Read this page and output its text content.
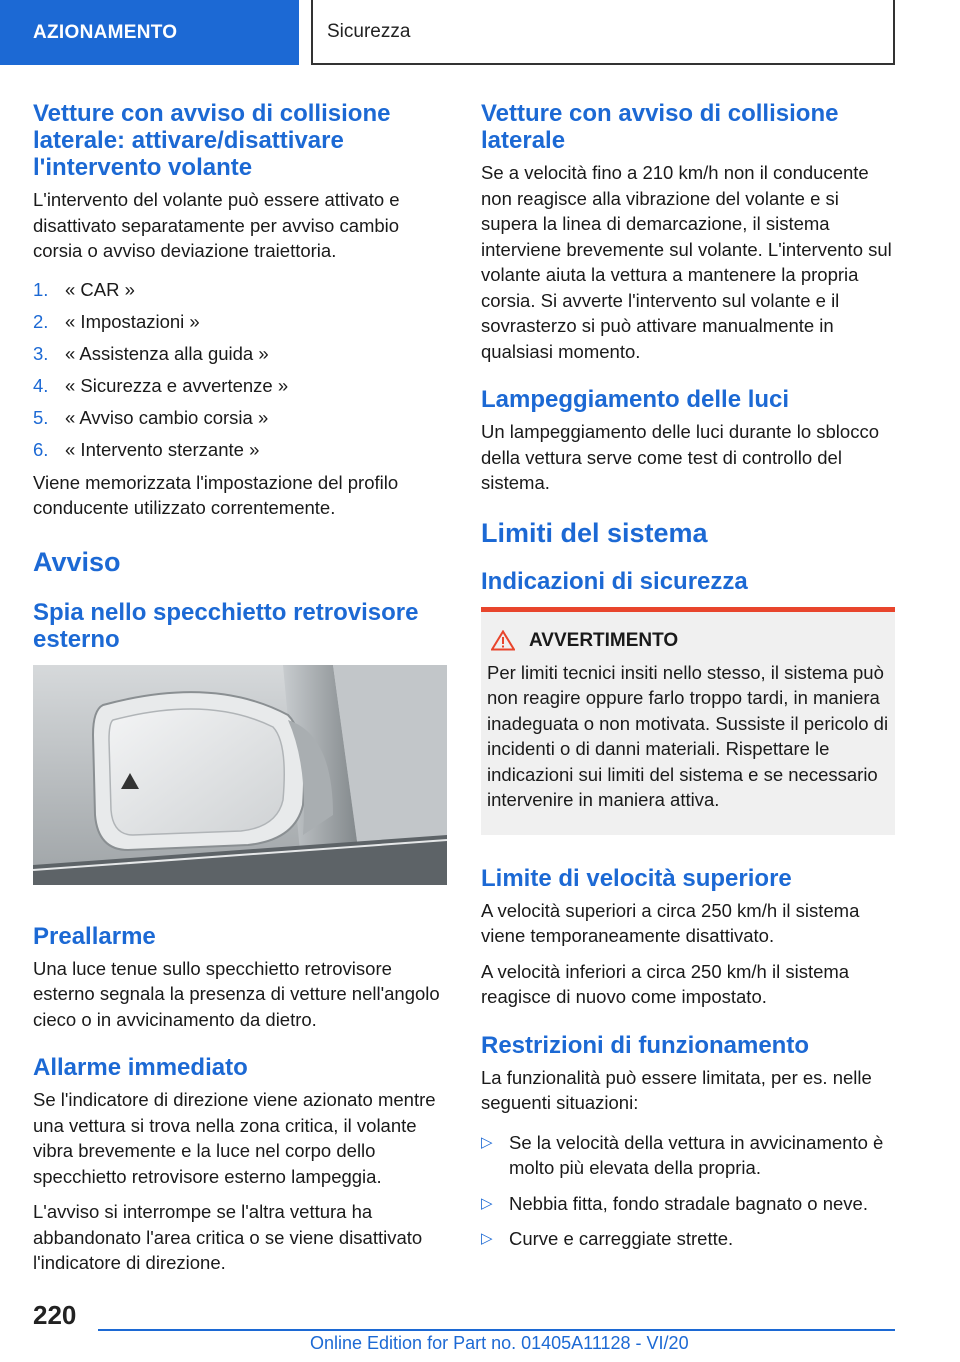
AZIONAMENTO	Sicurezza
Vetture con avviso di collisione laterale: attivare/disattivare l'intervento volante
L'intervento del volante può essere attivato e disattivato separatamente per avviso cambio corsia o avviso deviazione traiettoria.
1. « CAR »
2. « Impostazioni »
3. « Assistenza alla guida »
4. « Sicurezza e avvertenze »
5. « Avviso cambio corsia »
6. « Intervento sterzante »
Viene memorizzata l'impostazione del profilo conducente utilizzato correntemente.
Avviso
Spia nello specchietto retrovisore esterno
Preallarme
Una luce tenue sullo specchietto retrovisore esterno segnala la presenza di vetture nell'angolo cieco o in avvicinamento da dietro.
Allarme immediato
Se l'indicatore di direzione viene azionato mentre una vettura si trova nella zona critica, il volante vibra brevemente e la luce nel corpo dello specchietto retrovisore esterno lampeggia.
L'avviso si interrompe se l'altra vettura ha abbandonato l'area critica o se viene disattivato l'indicatore di direzione.
Vetture con avviso di collisione laterale
Se a velocità fino a 210 km/h non il conducente non reagisce alla vibrazione del volante e si supera la linea di demarcazione, il sistema interviene brevemente sul volante. L'intervento sul volante aiuta la vettura a mantenere la propria corsia. Si avverte l'intervento sul volante e il sovrasterzo si può attivare manualmente in qualsiasi momento.
Lampeggiamento delle luci
Un lampeggiamento delle luci durante lo sblocco della vettura serve come test di controllo del sistema.
Limiti del sistema
Indicazioni di sicurezza
AVVERTIMENTO
Per limiti tecnici insiti nello stesso, il sistema può non reagire oppure farlo troppo tardi, in maniera inadeguata o non motivata. Sussiste il pericolo di incidenti o di danni materiali. Rispettare le indicazioni sui limiti del sistema e se necessario intervenire in maniera attiva.
Limite di velocità superiore
A velocità superiori a circa 250 km/h il sistema viene temporaneamente disattivato.
A velocità inferiori a circa 250 km/h il sistema reagisce di nuovo come impostato.
Restrizioni di funzionamento
La funzionalità può essere limitata, per es. nelle seguenti situazioni:
▷ Se la velocità della vettura in avvicinamento è molto più elevata della propria.
▷ Nebbia fitta, fondo stradale bagnato o neve.
▷ Curve e carreggiate strette.
220
Online Edition for Part no. 01405A11128 - VI/20
